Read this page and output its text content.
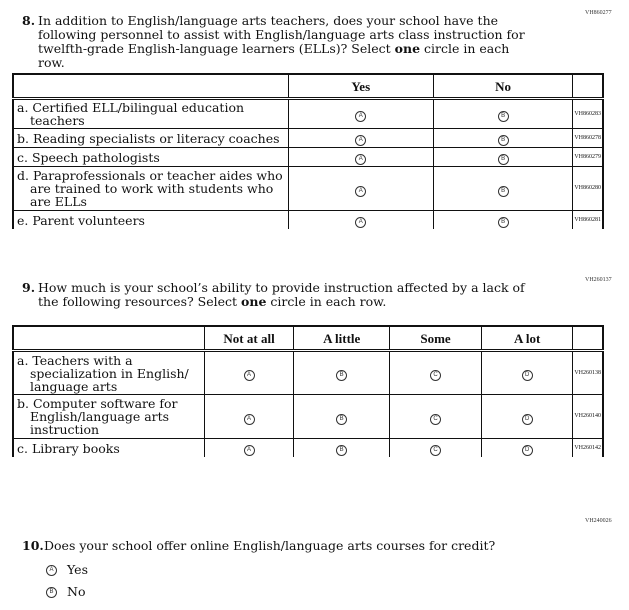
VH860277
8. In addition to English/language arts teachers, does your school have the following personnel to assist with English/language arts class instruction for twelfth-grade English-language learners (ELLs)? Select one circle in each row.
	Yes	No	
a. Certified ELL/bilingual education teachers	A	B	VH860283
b. Reading specialists or literacy coaches	A	B	VH860278
c. Speech pathologists	A	B	VH860279
d. Paraprofessionals or teacher aides who are trained to work with students who are ELLs	A	B	VH860280
e. Parent volunteers	A	B	VH860281
VH260137
9. How much is your school’s ability to provide instruction affected by a lack of the following resources? Select one circle in each row.
	Not at all	A little	Some	A lot	
a. Teachers with a specialization in English/ language arts	A	B	C	D	VH260138
b. Computer software for English/language arts instruction	A	B	C	D	VH260140
c. Library books	A	B	C	D	VH260142
VH240026
10. Does your school offer online English/language arts courses for credit?
A Yes
B No
